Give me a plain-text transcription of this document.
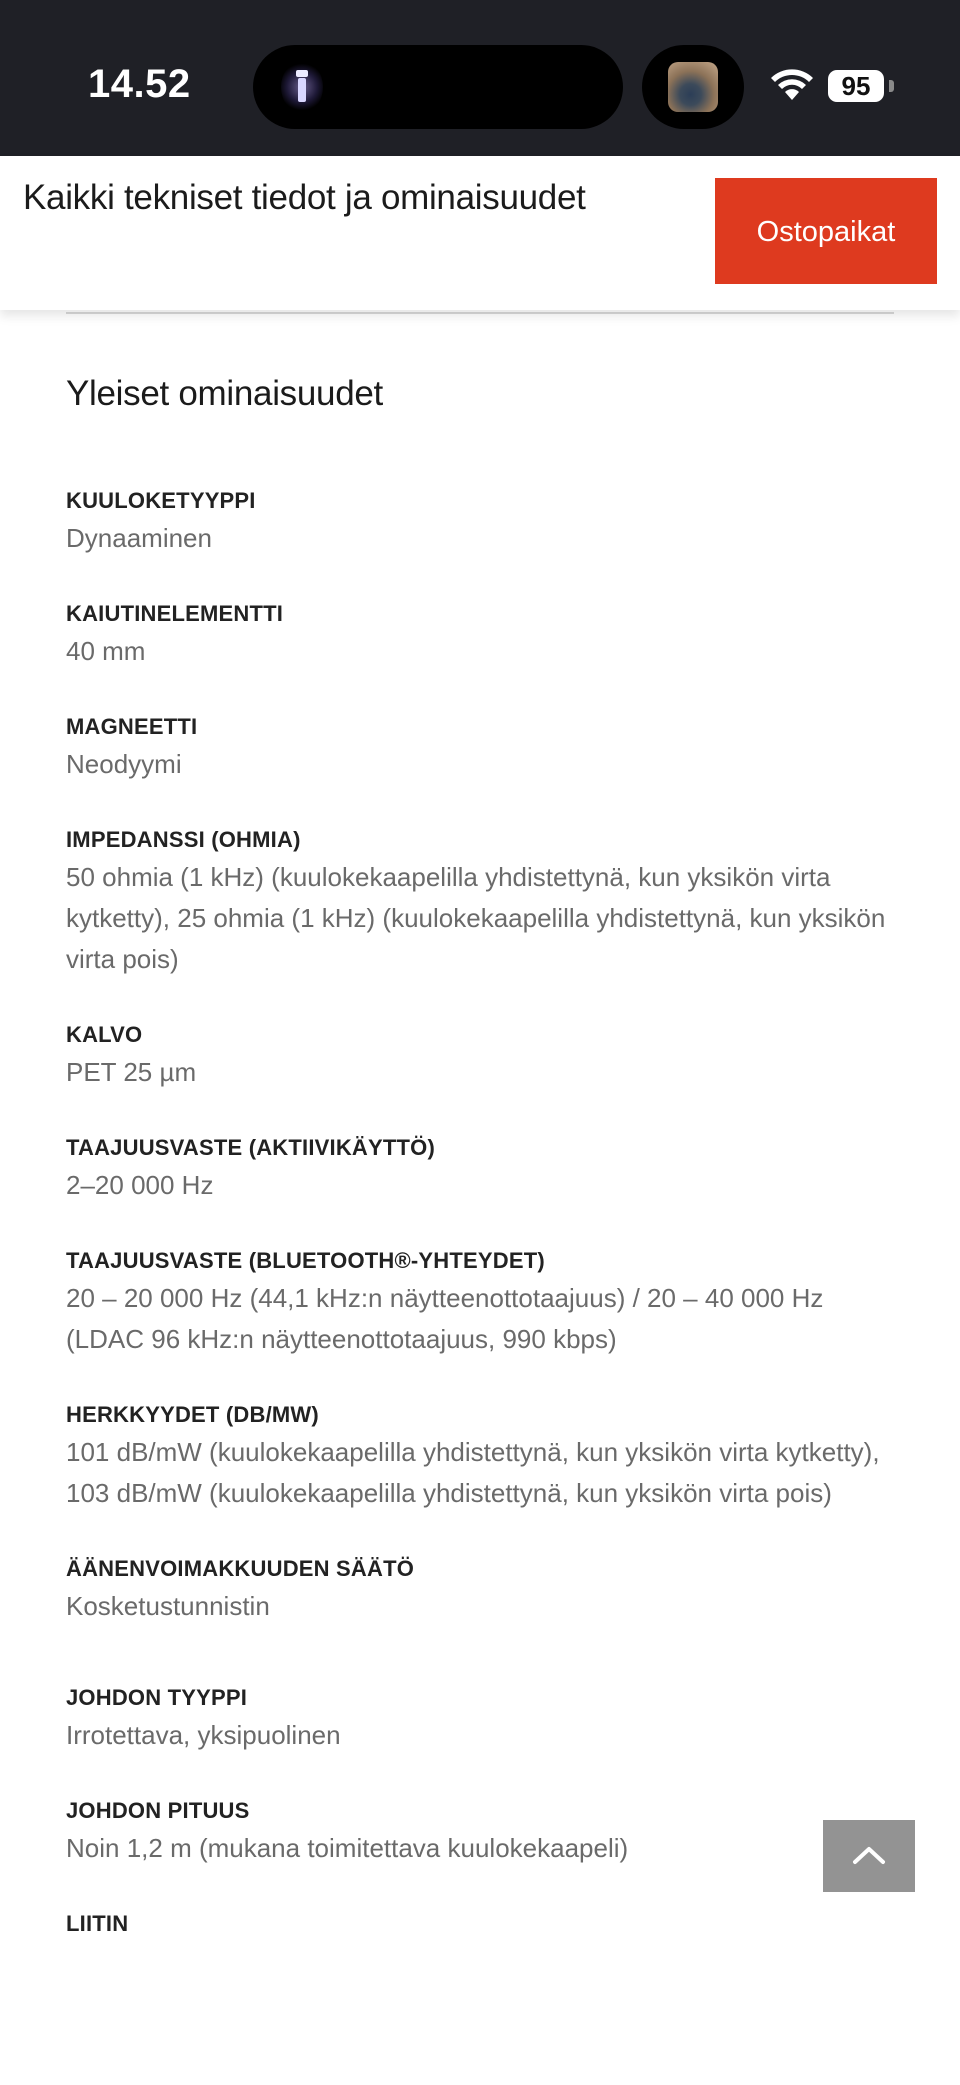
14.52	95
Kaikki tekniset tiedot ja ominaisuudet
Ostopaikat
Yleiset ominaisuudet
KUULOKETYYPPI
Dynaaminen
KAIUTINELEMENTTI
40 mm
MAGNEETTI
Neodyymi
IMPEDANSSI (OHMIA)
50 ohmia (1 kHz) (kuulokekaapelilla yhdistettynä, kun yksikön virta kytketty), 25 ohmia (1 kHz) (kuulokekaapelilla yhdistettynä, kun yksikön virta pois)
KALVO
PET 25 µm
TAAJUUSVASTE (AKTIIVIKÄYTTÖ)
2–20 000 Hz
TAAJUUSVASTE (BLUETOOTH®-YHTEYDET)
20 – 20 000 Hz (44,1 kHz:n näytteenottotaajuus) / 20 – 40 000 Hz (LDAC 96 kHz:n näytteenottotaajuus, 990 kbps)
HERKKYYDET (DB/MW)
101 dB/mW (kuulokekaapelilla yhdistettynä, kun yksikön virta kytketty), 103 dB/mW (kuulokekaapelilla yhdistettynä, kun yksikön virta pois)
ÄÄNENVOIMAKKUUDEN SÄÄTÖ
Kosketustunnistin
JOHDON TYYPPI
Irrotettava, yksipuolinen
JOHDON PITUUS
Noin 1,2 m (mukana toimitettava kuulokekaapeli)
LIITIN
